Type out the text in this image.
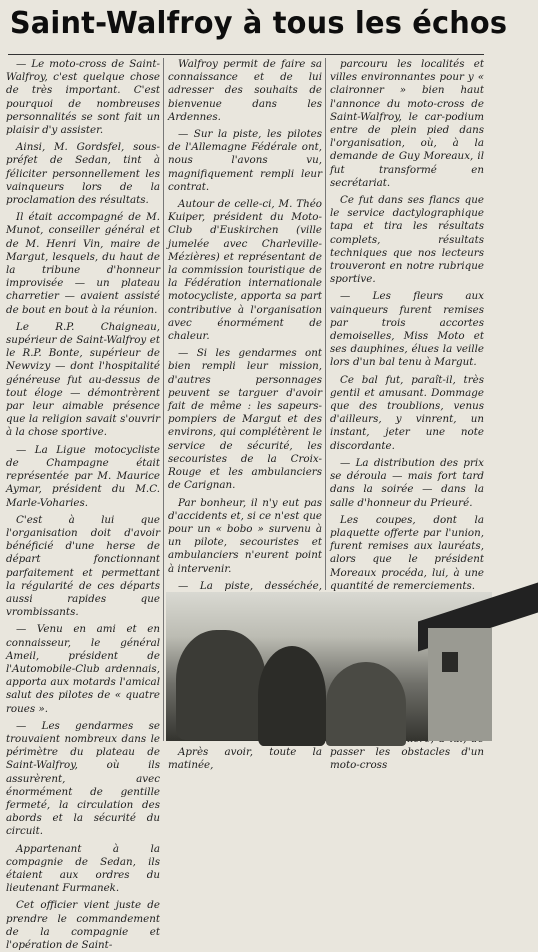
Saint-Walfroy à tous les échos

— Le moto-cross de Saint-Walfroy, c'est quelque chose de très important. C'est pourquoi de nombreuses personnalités se sont fait un plaisir d'y assister.

Ainsi, M. Gordsfel, sous-préfet de Sedan, tint à féliciter personnellement les vainqueurs lors de la proclamation des résultats.

Il était accompagné de M. Munot, conseiller général et de M. Henri Vin, maire de Margut, lesquels, du haut de la tribune d'honneur improvisée — un plateau charretier — avaient assisté de bout en bout à la réunion.

Le R.P. Chaigneau, supérieur de Saint-Walfroy et le R.P. Bonte, supérieur de Newvizy — dont l'hospitalité généreuse fut au-dessus de tout éloge — démontrèrent par leur aimable présence que la religion savait s'ouvrir à la chose sportive.

— La Ligue motocycliste de Champagne était représentée par M. Maurice Aymar, président du M.C. Marle-Voharies.

C'est à lui que l'organisation doit d'avoir bénéficié d'une herse de départ fonctionnant parfaitement et permettant la régularité de ces départs aussi rapides que vrombissants.

— Venu en ami et en connaisseur, le général Ameil, président de l'Automobile-Club ardennais, apporta aux motards l'amical salut des pilotes de « quatre roues ».

— Les gendarmes se trouvaient nombreux dans le périmètre du plateau de Saint-Walfroy, où ils assurèrent, avec énormément de gentille fermeté, la circulation des abords et la sécurité du circuit.

Appartenant à la compagnie de Sedan, ils étaient aux ordres du lieutenant Furmanek.

Cet officier vient juste de prendre le commandement de la compagnie et l'opération de Saint-

Walfroy permit de faire sa connaissance et de lui adresser des souhaits de bienvenue dans les Ardennes.

— Sur la piste, les pilotes de l'Allemagne Fédérale ont, nous l'avons vu, magnifiquement rempli leur contrat.

Autour de celle-ci, M. Théo Kuiper, président du Moto-Club d'Euskirchen (ville jumelée avec Charleville-Mézières) et représentant de la commission touristique de la Fédération internationale motocycliste, apporta sa part contributive à l'organisation avec énormément de chaleur.

— Si les gendarmes ont bien rempli leur mission, d'autres personnages peuvent se targuer d'avoir fait de même : les sapeurs-pompiers de Margut et des environs, qui complétèrent le service de sécurité, les secouristes de la Croix-Rouge et les ambulanciers de Carignan.

Par bonheur, il n'y eut pas d'accidents et, si ce n'est que pour un « bobo » survenu à un pilote, secouristes et ambulanciers n'eurent point à intervenir.

— La piste, desséchée,

Après avoir, toute la matinée,

parcouru les localités et villes environnantes pour y « claironner » bien haut l'annonce du moto-cross de Saint-Walfroy, le car-podium entre de plein pied dans l'organisation, où, à la demande de Guy Moreaux, il fut transformé en secrétariat.

Ce fut dans ses flancs que le service dactylographique tapa et tira les résultats complets, résultats techniques que nos lecteurs trouveront en notre rubrique sportive.

— Les fleurs aux vainqueurs furent remises par trois accortes demoiselles, Miss Moto et ses dauphines, élues la veille lors d'un bal tenu à Margut.

Ce bal fut, paraît-il, très gentil et amusant. Dommage que des troublions, venus d'ailleurs, y vinrent, un instant, jeter une note discordante.

— La distribution des prix se déroula — mais fort tard dans la soirée — dans la salle d'honneur du Prieuré.

Les coupes, dont la plaquette offerte par l'union, furent remises aux lauréats, alors que le président Moreaux procéda, lui, à une quantité de remerciements.

passer les obstacles d'un moto-cross
